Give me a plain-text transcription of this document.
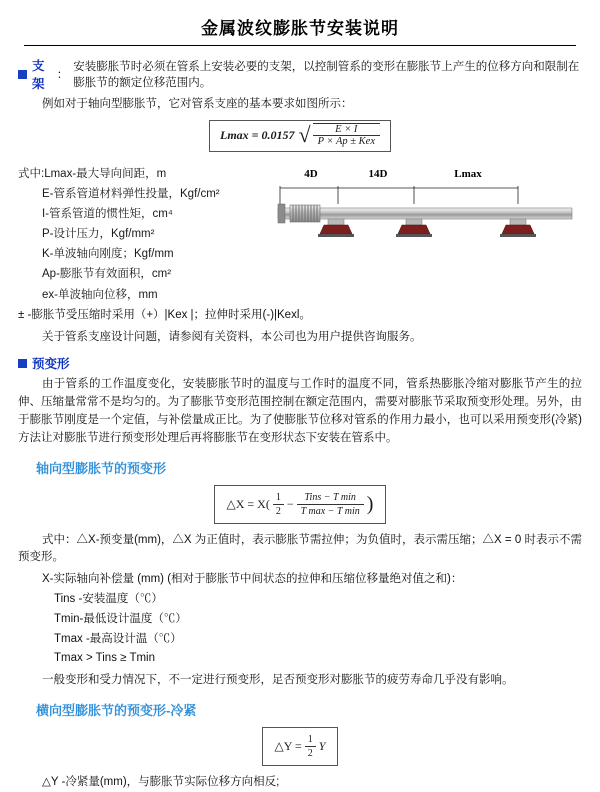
金属波纹膨胀节安装说明
支架
：
安装膨胀节时必须在管系上安装必要的支架，以控制管系的变形在膨胀节上产生的位移方向和限制在膨胀节的额定位移范围内。

例如对于轴向型膨胀节，它对管系支座的基本要求如图所示：

Lmax = 0.0157 √ $\frac{E \times I}{\text{P × Ap ± Kex}}$
式中:Lmax-最大导向间距，m
E-管系管道材料弹性投量，Kgf/cm²
I-管系管道的惯性矩，cm⁴
P-设计压力，Kgf/mm²
K-单波轴向刚度；Kgf/mm
Ap-膨胀节有效面积，cm²
ex-单波轴向位移，mm
4D	14D	Lmax

± -膨胀节受压缩时采用（+）|Kex |；拉伸时采用(-)|Kexl。

关于管系支座设计问题，请参阅有关资料，本公司也为用户提供咨询服务。

预变形

由于管系的工作温度变化，安装膨胀节时的温度与工作时的温度不同，管系热膨胀冷缩对膨胀节产生的拉伸、压缩量常常不是均匀的。为了膨胀节变形范围控制在额定范围内，需要对膨胀节采取预变形处理。另外，由于膨胀节刚度是一个定值，与补偿量成正比。为了使膨胀节位移对管系的作用力最小，也可以采用预变形(冷紧)方法让对膨胀节进行预变形处理后再将膨胀节在变形状态下安装在管系中。

轴向型膨胀节的预变形
△X = $X( \frac{1}{2}$ −	Tins − T min
T max − T min )

式中：△X-预变量(mm)，△X 为正值时，表示膨胀节需拉伸；为负值时，表示需压缩；△X = 0 时表示不需预变形。

X-实际轴向补偿量 (mm) (相对于膨胀节中间状态的拉伸和压缩位移量绝对值之和)：

Tins -安装温度（℃）

Tmin-最低设计温度（℃）

Tmax -最高设计温（℃）

Tmax > Tins ≥ Tmin

一般变形和受力情况下，不一定进行预变形，足否预变形对膨胀节的疲劳寿命几乎没有影响。

横向型膨胀节的预变形-冷紧
△Y = $\frac{1}{2}$ Y

△Y -冷紧量(mm)，与膨胀节实际位移方向相反;
